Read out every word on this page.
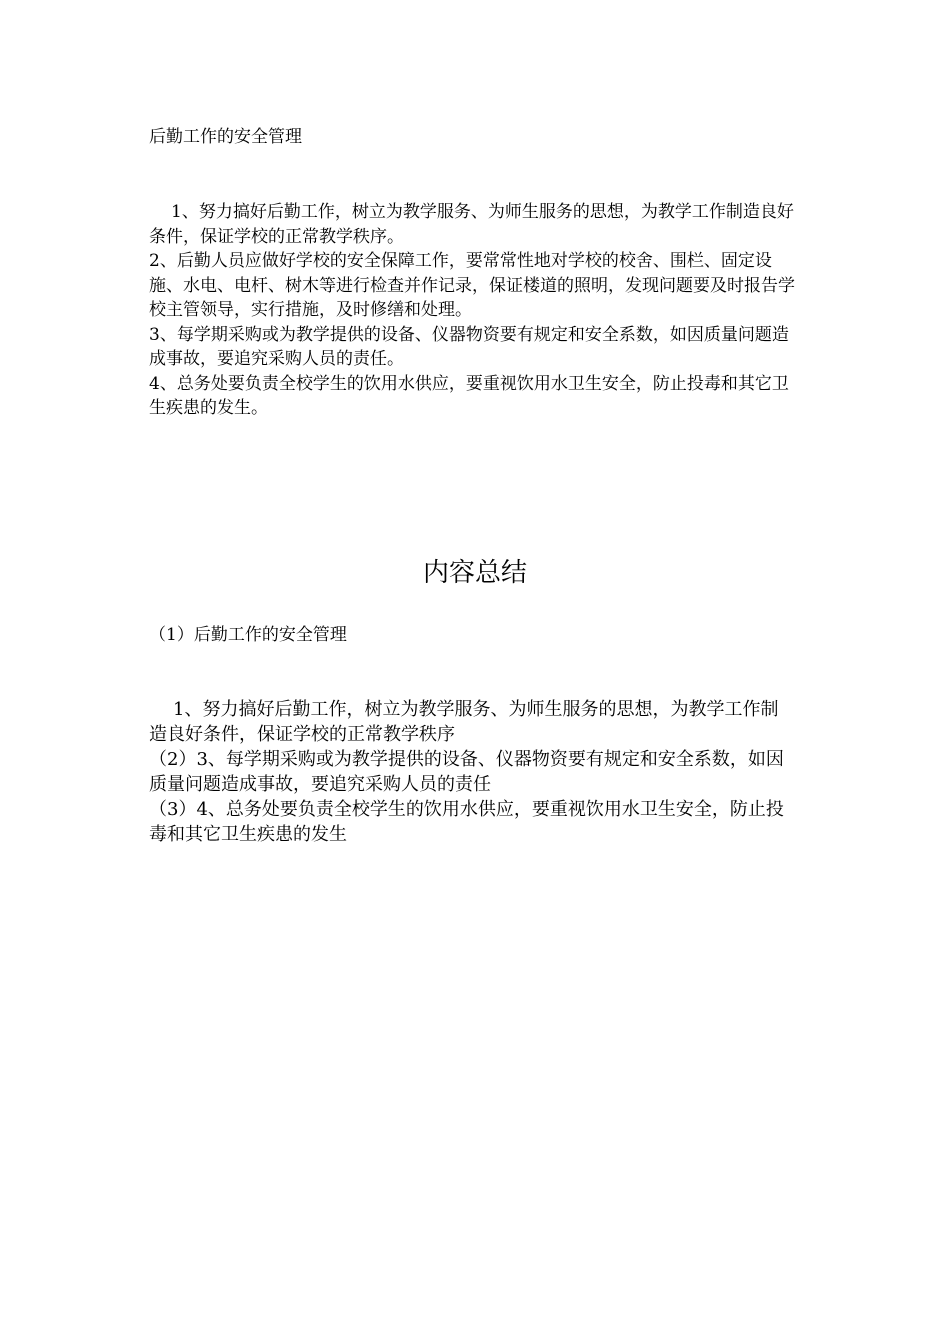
后勤工作的安全管理

1、努力搞好后勤工作，树立为教学服务、为师生服务的思想，为教学工作制造良好条件，保证学校的正常教学秩序。

2、后勤人员应做好学校的安全保障工作，要常常性地对学校的校舍、围栏、固定设施、水电、电杆、树木等进行检查并作记录，保证楼道的照明，发现问题要及时报告学校主管领导，实行措施，及时修缮和处理。

3、每学期采购或为教学提供的设备、仪器物资要有规定和安全系数，如因质量问题造成事故，要追究采购人员的责任。

4、总务处要负责全校学生的饮用水供应，要重视饮用水卫生安全，防止投毒和其它卫生疾患的发生。

内容总结
（1）后勤工作的安全管理

1、努力搞好后勤工作，树立为教学服务、为师生服务的思想，为教学工作制造良好条件，保证学校的正常教学秩序

（2）3、每学期采购或为教学提供的设备、仪器物资要有规定和安全系数，如因质量问题造成事故，要追究采购人员的责任

（3）4、总务处要负责全校学生的饮用水供应，要重视饮用水卫生安全，防止投毒和其它卫生疾患的发生
